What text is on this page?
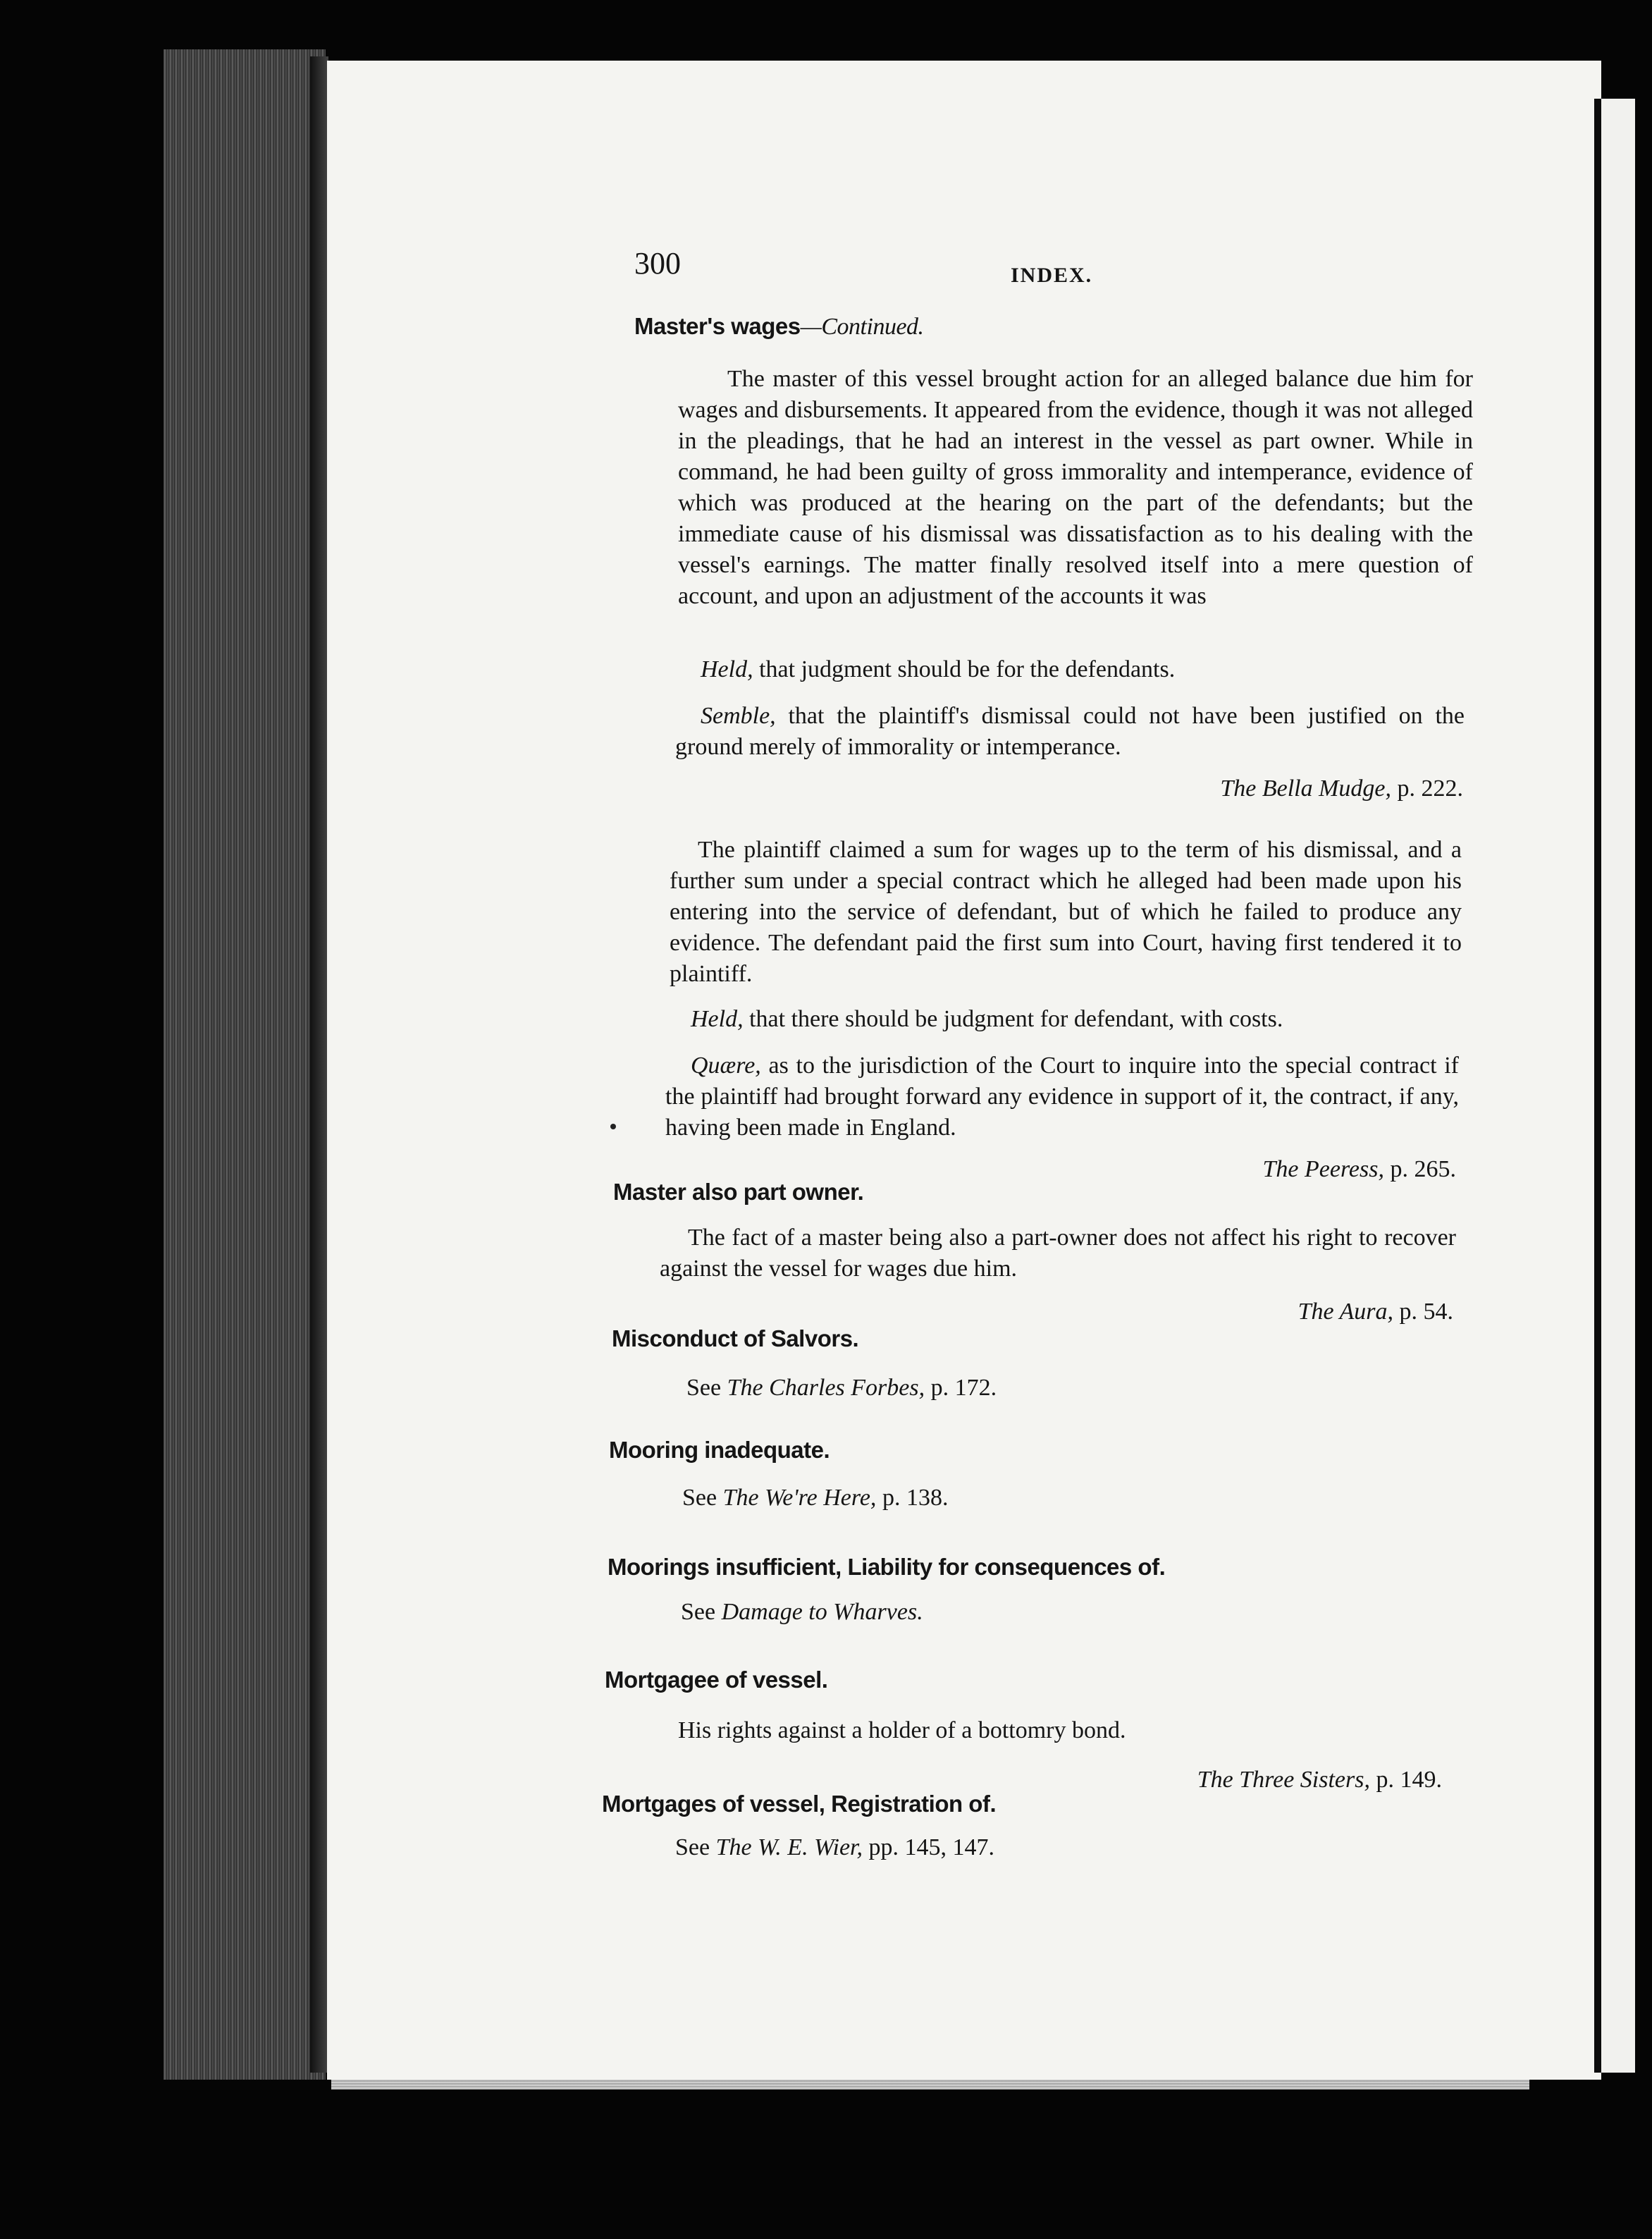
300	INDEX.
Master's wages—Continued.
The master of this vessel brought action for an alleged balance due him for wages and disbursements. It appeared from the evidence, though it was not alleged in the pleadings, that he had an interest in the vessel as part owner. While in command, he had been guilty of gross immorality and intemperance, evidence of which was produced at the hearing on the part of the defendants; but the immediate cause of his dismissal was dissatisfaction as to his dealing with the vessel's earnings. The matter finally resolved itself into a mere question of account, and upon an adjustment of the accounts it was
Held, that judgment should be for the defendants.
Semble, that the plaintiff's dismissal could not have been justified on the ground merely of immorality or intemperance.
The Bella Mudge, p. 222.
The plaintiff claimed a sum for wages up to the term of his dismissal, and a further sum under a special contract which he alleged had been made upon his entering into the service of defendant, but of which he failed to produce any evidence. The defendant paid the first sum into Court, having first tendered it to plaintiff.
Held, that there should be judgment for defendant, with costs.
Quære, as to the jurisdiction of the Court to inquire into the special contract if the plaintiff had brought forward any evidence in support of it, the contract, if any, having been made in England.
The Peeress, p. 265.
Master also part owner.
The fact of a master being also a part-owner does not affect his right to recover against the vessel for wages due him.
The Aura, p. 54.
Misconduct of Salvors.
See The Charles Forbes, p. 172.
Mooring inadequate.
See The We're Here, p. 138.
Moorings insufficient, Liability for consequences of.
See Damage to Wharves.
Mortgagee of vessel.
His rights against a holder of a bottomry bond.
The Three Sisters, p. 149.
Mortgages of vessel, Registration of.
See The W. E. Wier, pp. 145, 147.
